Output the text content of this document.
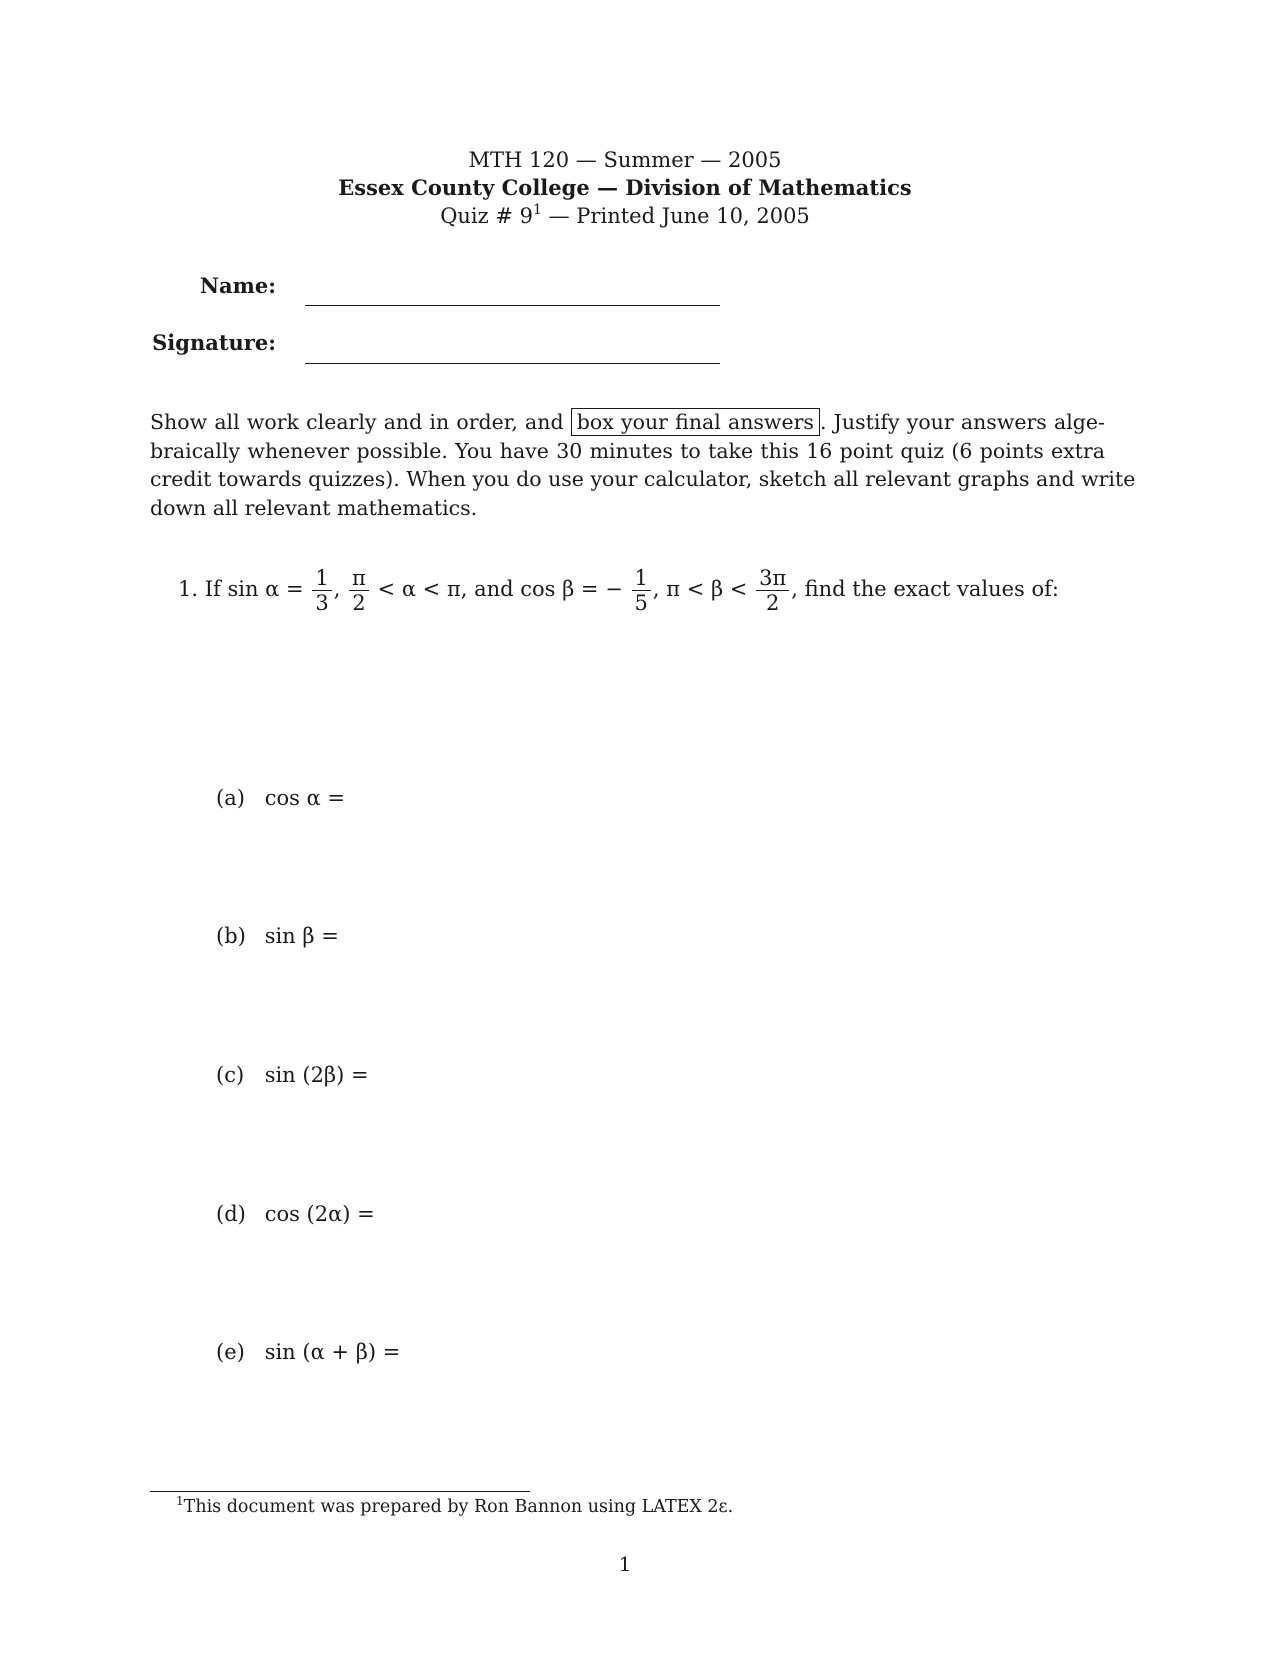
MTH 120 — Summer — 2005
Essex County College — Division of Mathematics
Quiz # $9^1$ — Printed June 10, 2005
Name:
Signature:
Show all work clearly and in order, and box your final answers . Justify your answers alge-
braically whenever possible. You have 30 minutes to take this 16 point quiz (6 points extra
credit towards quizzes). When you do use your calculator, sketch all relevant graphs and write
down all relevant mathematics.
1. If $\sin \alpha = \frac{1}{3}$ , $\frac{\pi}{2} < \alpha < \pi$, and cos β = − $\frac{1}{5}$ , $\pi < \beta < \frac{3\pi}{2}$ , find the exact values of:
(a) cos α =
(b) sin β =
(c) sin (2β) =
(d) cos (2α) =
(e) sin (α + β) =
$^1$This document was prepared by Ron Bannon using LATEX 2ε.
1
